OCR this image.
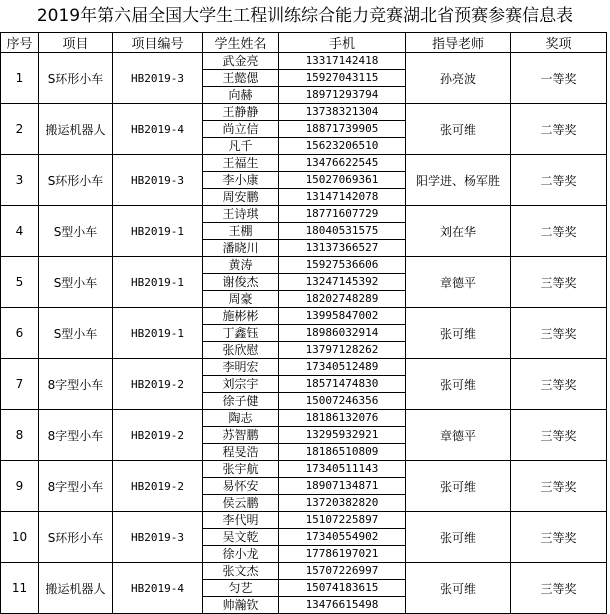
2019年第六届全国大学生工程训练综合能力竞赛湖北省预赛参赛信息表
序号	项目	项目编号	学生姓名	手机	指导老师	奖项
1	S环形小车	HB2019-3	武金亮	13317142418	孙亮波	一等奖
			王懿偲	15927043115		
			向赫	18971293794		
2	搬运机器人	HB2019-4	王静静	13738321304	张可维	二等奖
			尚立信	18871739905		
			凡千	15623206510		
3	S环形小车	HB2019-3	王福生	13476622545	阳学进、杨军胜	二等奖
			李小康	15027069361		
			周安鹏	13147142078		
4	S型小车	HB2019-1	王诗琪	18771607729	刘在华	二等奖
			王棚	18040531575		
			潘晓川	13137366527		
5	S型小车	HB2019-1	黄涛	15927536606	章德平	三等奖
			谢俊杰	13247145392		
			周豪	18202748289		
6	S型小车	HB2019-1	施彬彬	13995847002	张可维	三等奖
			丁鑫钰	18986032914		
			张欣慰	13797128262		
7	8字型小车	HB2019-2	李明宏	17340512489	张可维	三等奖
			刘宗宇	18571474830		
			徐子健	15007246356		
8	8字型小车	HB2019-2	陶志	18186132076	章德平	三等奖
			苏智鹏	13295932921		
			程旻浩	18186510809		
9	8字型小车	HB2019-2	张宇航	17340511143	张可维	三等奖
			易怀安	18907134871		
			侯云鹏	13720382820		
10	S环形小车	HB2019-3	李代明	15107225897	张可维	三等奖
			吴文乾	17340554902		
			徐小龙	17786197021		
11	搬运机器人	HB2019-4	张文杰	15707226997	张可维	三等奖
			匀艺	15074183615		
			帅瀚钦	13476615498		
